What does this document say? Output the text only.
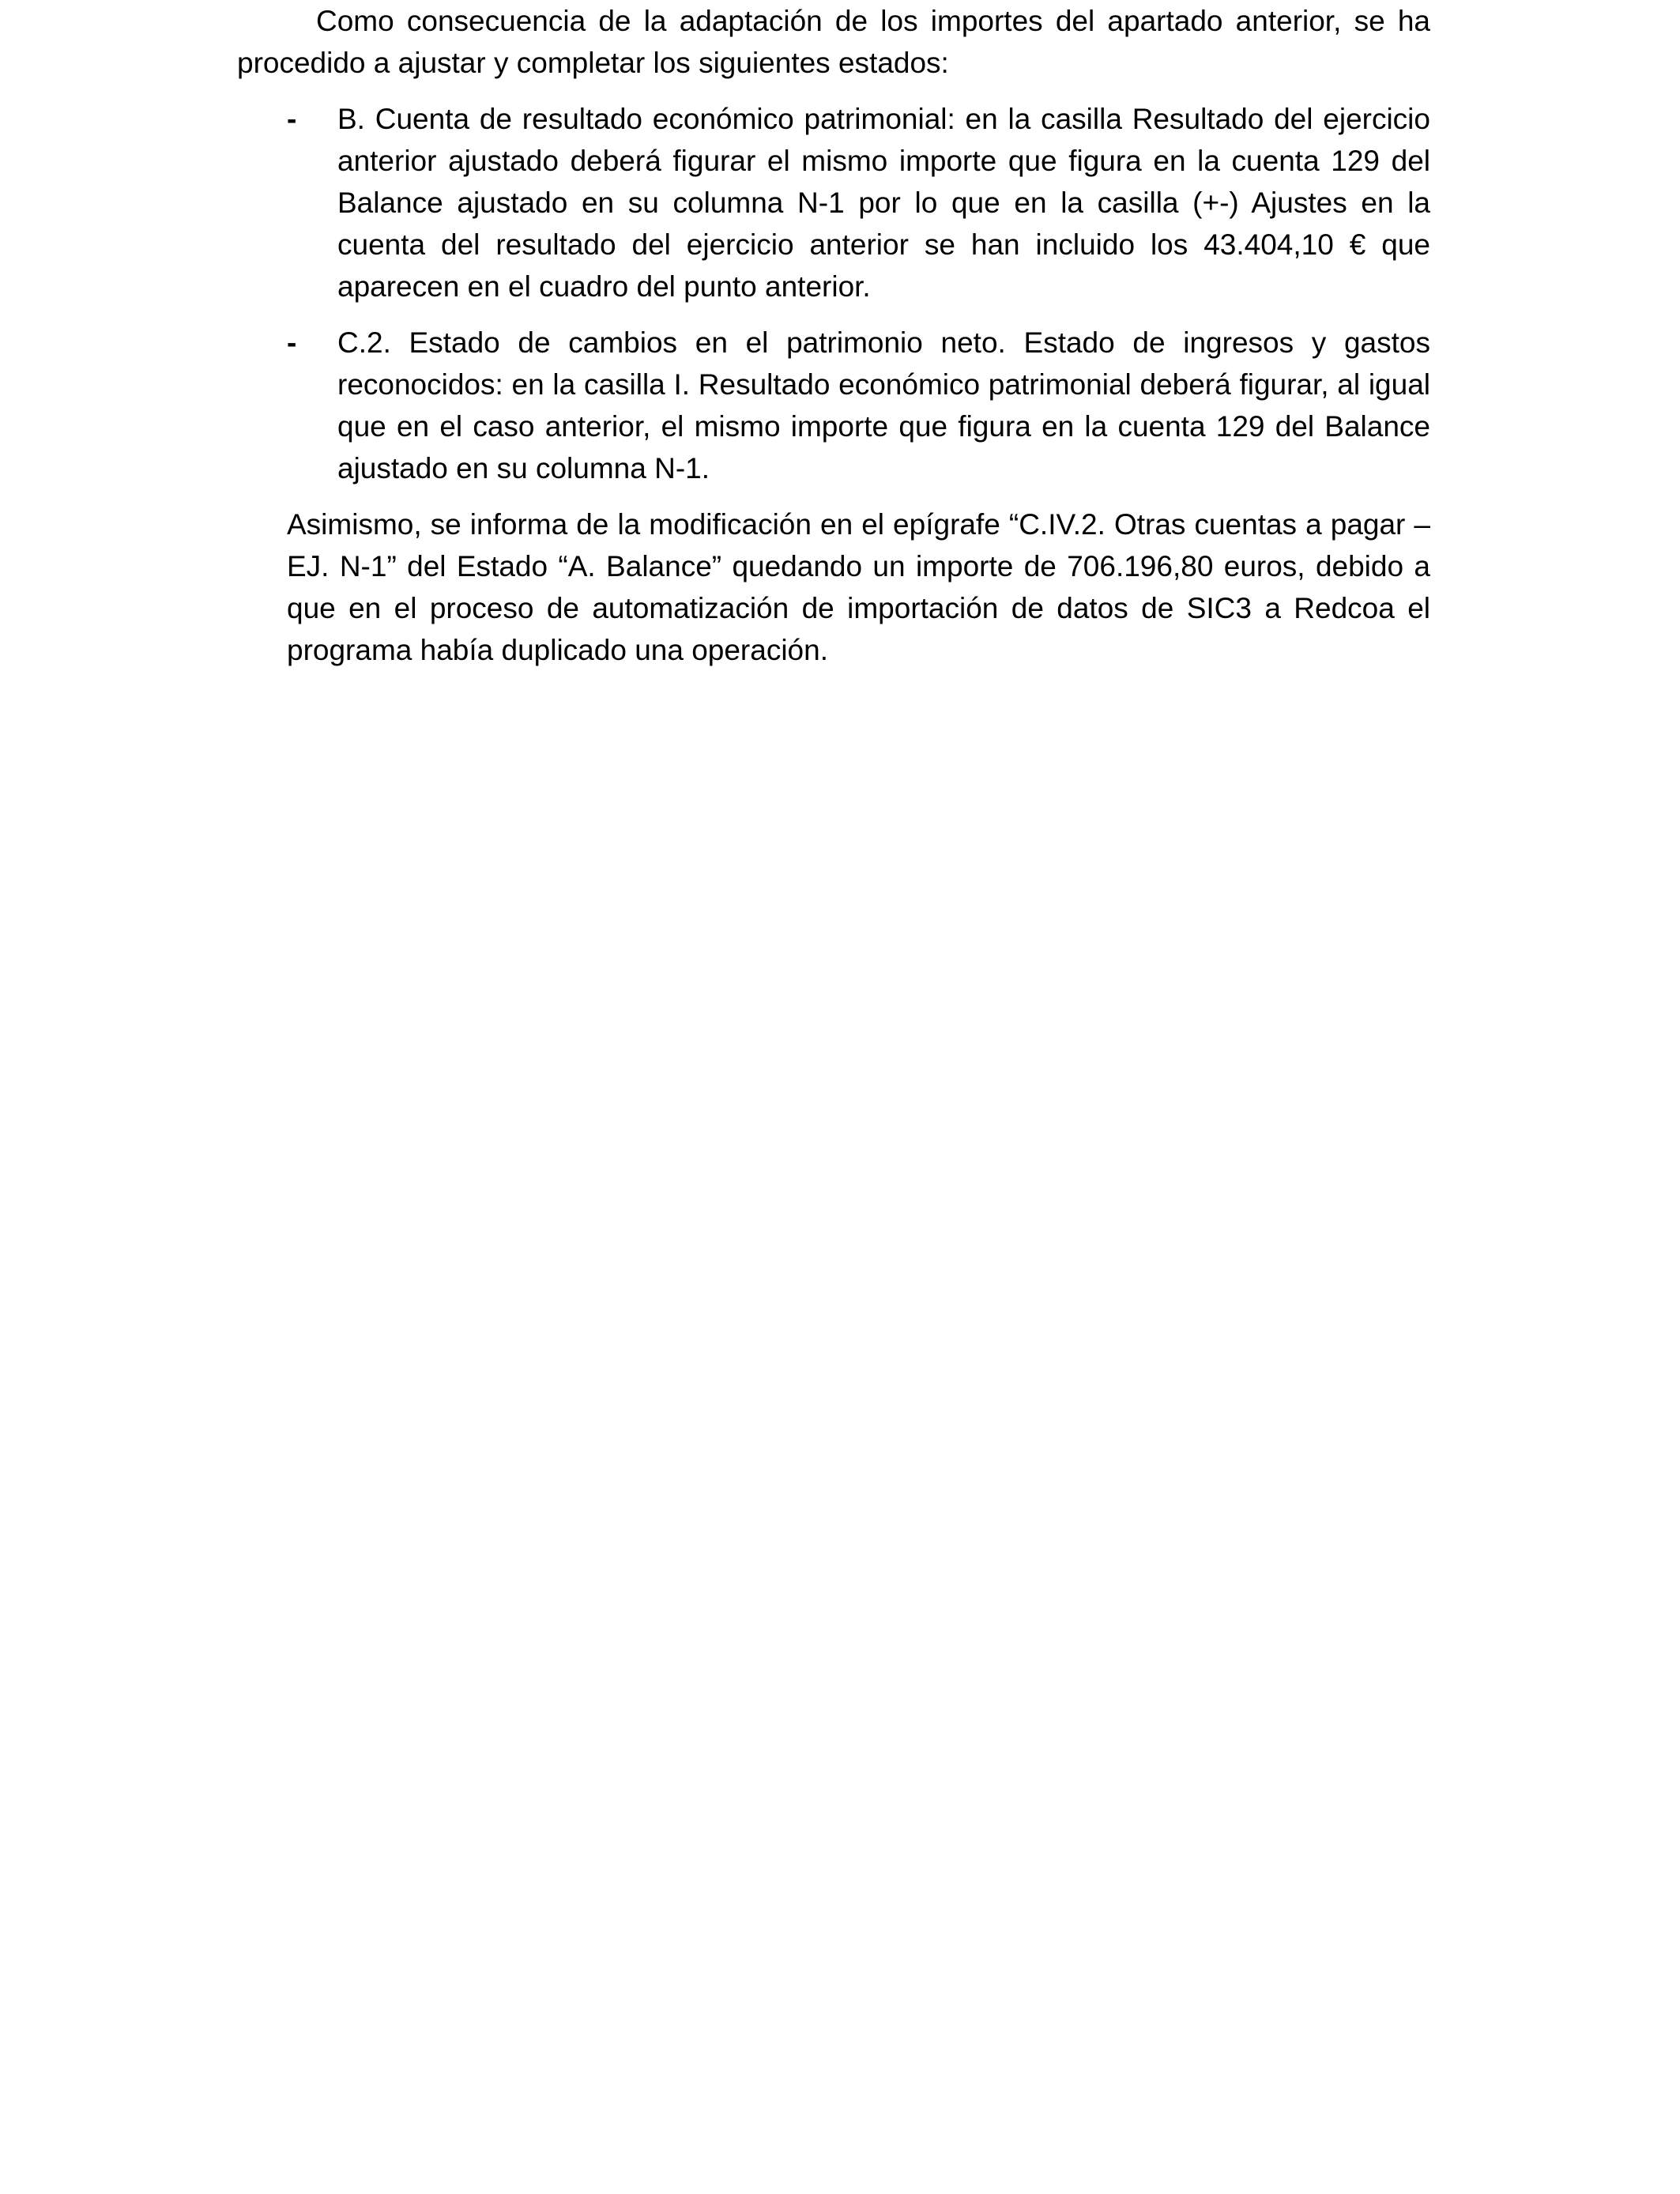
Como consecuencia de la adaptación de los importes del apartado anterior, se ha procedido a ajustar y completar los siguientes estados:

- B. Cuenta de resultado económico patrimonial: en la casilla Resultado del ejercicio anterior ajustado deberá figurar el mismo importe que figura en la cuenta 129 del Balance ajustado en su columna N-1 por lo que en la casilla (+-) Ajustes en la cuenta del resultado del ejercicio anterior se han incluido los 43.404,10 € que aparecen en el cuadro del punto anterior.
- C.2. Estado de cambios en el patrimonio neto. Estado de ingresos y gastos reconocidos: en la casilla I. Resultado económico patrimonial deberá figurar, al igual que en el caso anterior, el mismo importe que figura en la cuenta 129 del Balance ajustado en su columna N-1.

Asimismo, se informa de la modificación en el epígrafe “C.IV.2. Otras cuentas a pagar – EJ. N-1” del Estado “A. Balance” quedando un importe de 706.196,80 euros, debido a que en el proceso de automatización de importación de datos de SIC3 a Redcoa el programa había duplicado una operación.
